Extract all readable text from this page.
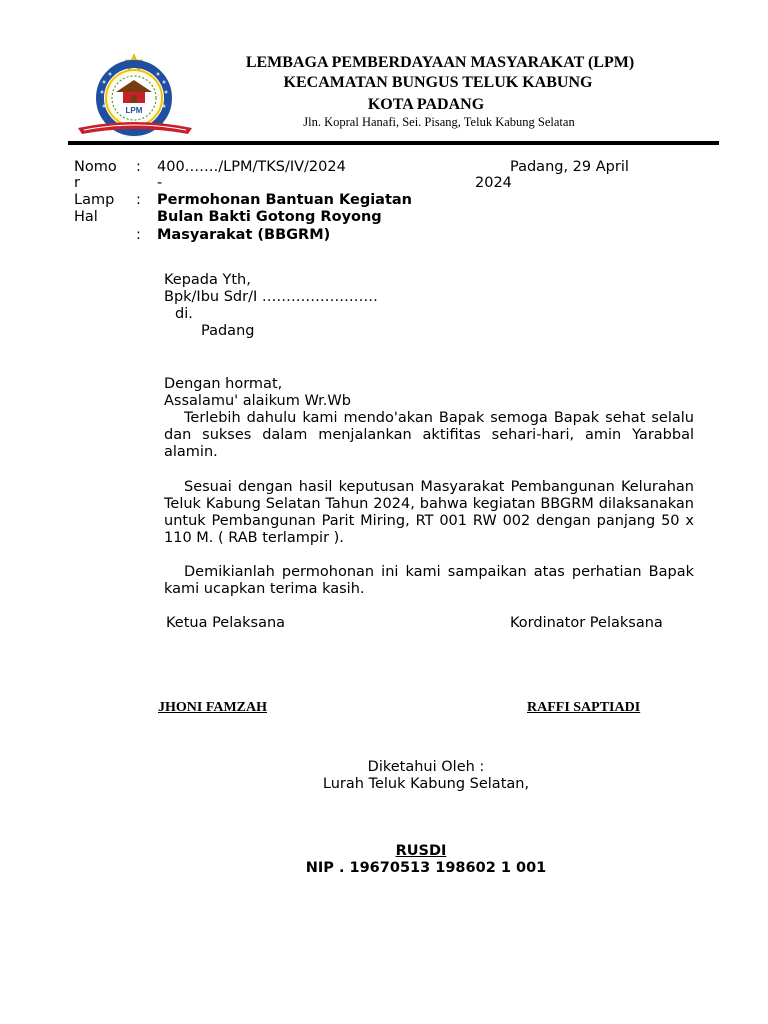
LPM
· · · · · · · ·
LEMBAGA PEMBERDAYAAN MASYARAKAT (LPM)
KECAMATAN BUNGUS TELUK KABUNG
KOTA PADANG
Jln. Kopral Hanafi, Sei. Pisang, Teluk Kabung Selatan
Nomo
r
: 400……./LPM/TKS/IV/2024
-
Padang, 29 April
2024
Lamp :
Hal
:
Permohonan Bantuan Kegiatan
Bulan Bakti Gotong Royong
Masyarakat (BBGRM)
Kepada Yth,
Bpk/Ibu Sdr/I ……………………
di.
Padang
Dengan hormat,
Assalamu' alaikum Wr.Wb
Terlebih dahulu kami mendo'akan Bapak semoga Bapak sehat selalu dan sukses dalam menjalankan aktifitas sehari-hari, amin Yarabbal alamin.
Sesuai dengan hasil keputusan Masyarakat Pembangunan Kelurahan Teluk Kabung Selatan Tahun 2024, bahwa kegiatan BBGRM dilaksanakan untuk Pembangunan Parit Miring, RT 001 RW 002 dengan panjang 50 x 110 M. ( RAB terlampir ).
Demikianlah permohonan ini kami sampaikan atas perhatian Bapak kami ucapkan terima kasih.
Ketua Pelaksana	Kordinator Pelaksana
JHONI FAMZAH	RAFFI SAPTIADI
Diketahui Oleh :
Lurah Teluk Kabung Selatan,
RUSDI
NIP . 19670513 198602 1 001
